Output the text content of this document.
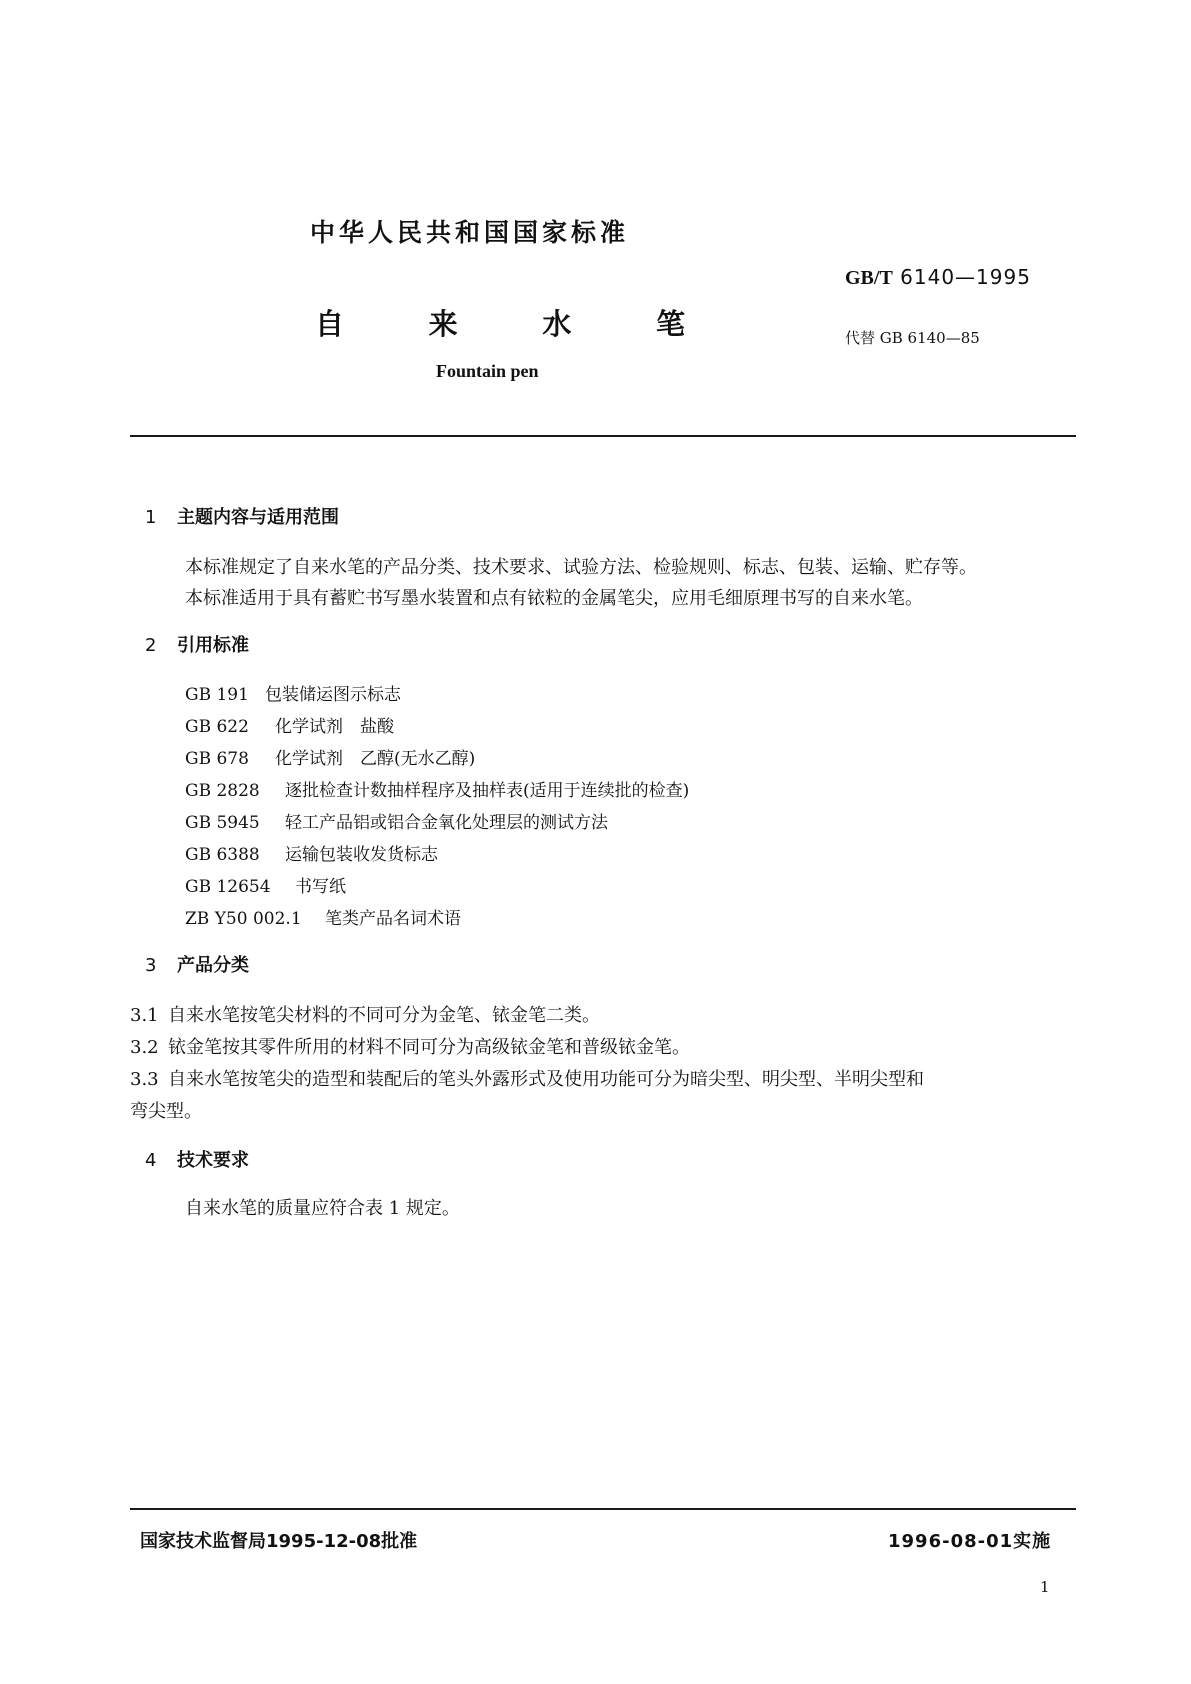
中华人民共和国国家标准
GB/T 6140—1995
自	来	水	笔	代替 GB 6140—85
Fountain pen
1 主题内容与适用范围
本标准规定了自来水笔的产品分类、技术要求、试验方法、检验规则、标志、包装、运输、贮存等。
本标准适用于具有蓄贮书写墨水装置和点有铱粒的金属笔尖，应用毛细原理书写的自来水笔。
2 引用标准
GB 191 包装储运图示标志
GB 622 化学试剂　盐酸
GB 678 化学试剂　乙醇(无水乙醇)
GB 2828 逐批检查计数抽样程序及抽样表(适用于连续批的检查)
GB 5945 轻工产品铝或铝合金氧化处理层的测试方法
GB 6388 运输包装收发货标志
GB 12654 书写纸
ZB Y50 002.1 笔类产品名词术语
3 产品分类
3.1 自来水笔按笔尖材料的不同可分为金笔、铱金笔二类。
3.2 铱金笔按其零件所用的材料不同可分为高级铱金笔和普级铱金笔。
3.3 自来水笔按笔尖的造型和装配后的笔头外露形式及使用功能可分为暗尖型、明尖型、半明尖型和
弯尖型。
4 技术要求
自来水笔的质量应符合表 1 规定。
国家技术监督局1995-12-08批准	1996-08-01实施
1
